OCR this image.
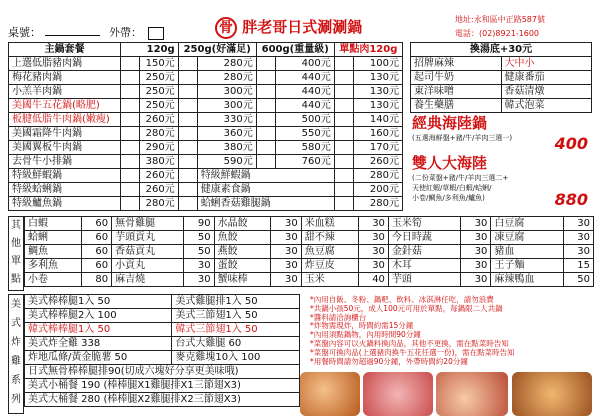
桌號：	外帶： 骨	胖老哥日式涮涮鍋	地址:永和區中正路587號
電話：(02)8921-1600
主鍋套餐	120g		250g(好滿足)		600g(重量級)		單點肉120g	
上選低脂豬肉鍋		150元		280元		400元		100元
梅花豬肉鍋		250元		280元		440元		130元
小羔羊肉鍋		250元		300元		440元		130元
美國牛五花鍋(略肥)		250元		300元		440元		130元
板腱低脂牛肉鍋(嫩瘦)		260元		330元		500元		140元
美國霜降牛肉鍋		280元		360元		550元		160元
美國翼板牛肉鍋		290元		380元		580元		170元
去骨牛小排鍋		380元		590元		760元		260元
特級鮮蝦鍋		260元		特級鮮蝦鍋				280元
特級蛤蜊鍋		260元		健康素食鍋				200元
特級鱸魚鍋		280元		蛤蜊香菇雞腿鍋				280元
換湯底+30元	
招牌麻辣	大中小
起司牛奶	健康番茄
東洋味噌	香菇清燉
養生藥膳	韓式泡菜
經典海陸鍋
(五選海鮮盤+豬/牛/羊肉三選一)	400
雙人大海陸
(二份菜盤+豬/牛/羊肉三選二+
天使紅蝦/草蝦/白蝦/蛤蜊/
小卷/鯛魚/多利魚/鱸魚)	880
其
他
單
點
白蝦	60	無骨雞腿	90	水晶餃	30	米血糕	30	玉米筍	30	白豆腐	30
蛤蜊	60	芋頭貢丸	50	魚餃	30	甜不辣	30	今日時蔬	30	凍豆腐	30
鯛魚	60	香菇貢丸	50	燕餃	30	魚豆腐	30	金針菇	30	豬血	30
多利魚	60	小貢丸	30	蛋餃	30	炸豆皮	30	木耳	30	王子麵	15
小卷	80	麻吉燒	30	蟹味棒	30	玉米	40	芋頭	30	麻辣鴨血	50
美
式
炸
雞
系
列
美式棒棒腿1入 50	美式雞腿排1入 50
美式棒棒腿2入 100	美式三節翅1入 50
韓式棒棒腿1入 50	韓式三節翅1入 50
美式炸全雞 338	台式大雞腿 60
炸地瓜條/黃金脆薯 50	麥克雞塊10入 100
日式無骨棒棒腿排90(切成六塊好分享更美味哦)	
美式小桶餐 190 (棒棒腿X1雞腿排X1三節翅X3)	
美式大桶餐 280 (棒棒腿X2雞腿排X2三節翅X3)	
*內用自飯、冬粉、鍋粑、飲料、冰淇淋任吃，請勿浪費
*共鍋小孩50元，成人100元可用於單點，每鍋限二人共鍋
*醬料請洽詢櫃台
*炸物需現炸，時間約需15分鐘
*內用須點鍋物，內用時間90分鐘
*菜盤內容可以火鍋料換肉品，其他不更換，需在點菜時告知
*菜盤可換肉品(上選豬肉換牛五花任選一份)，需在點菜時告知
*用餐時間請勿超過90分鐘，外帶時間約20分鐘
